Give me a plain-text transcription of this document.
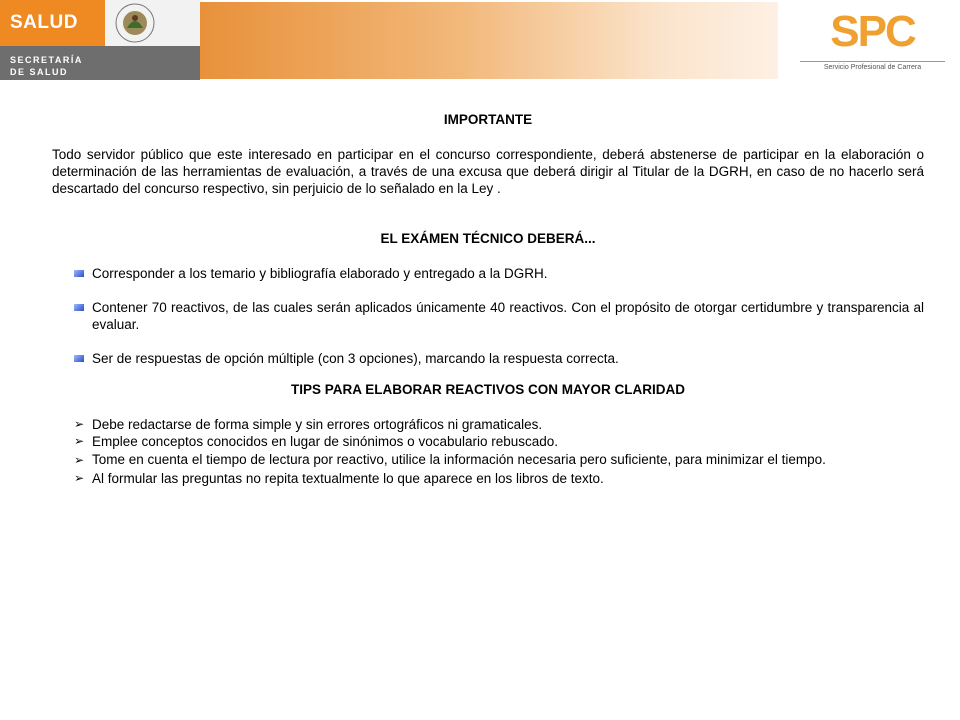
SALUD
SECRETARÍA
DE SALUD
SPC
Servicio Profesional de Carrera

IMPORTANTE

Todo servidor público que este interesado en participar en el concurso correspondiente, deberá abstenerse de participar en la elaboración o determinación de las herramientas de evaluación, a través de una excusa que deberá dirigir al Titular de la DGRH, en caso de no hacerlo será descartado del concurso respectivo, sin perjuicio de lo señalado en la Ley .

EL EXÁMEN TÉCNICO DEBERÁ...

Corresponder a los temario y bibliografía elaborado y entregado a la DGRH.
Contener 70 reactivos, de las cuales serán aplicados únicamente 40 reactivos. Con el propósito de otorgar certidumbre y transparencia al evaluar.
Ser de respuestas de opción múltiple (con 3 opciones), marcando la respuesta correcta.

TIPS PARA ELABORAR REACTIVOS CON MAYOR CLARIDAD

➢ Debe redactarse de forma simple y sin errores ortográficos ni gramaticales.
➢ Emplee conceptos conocidos en lugar de sinónimos o vocabulario rebuscado.
➢ Tome en cuenta el tiempo de lectura por reactivo, utilice la información necesaria pero suficiente, para minimizar el tiempo.
➢ Al formular las preguntas no repita textualmente lo que aparece en los libros de texto.
